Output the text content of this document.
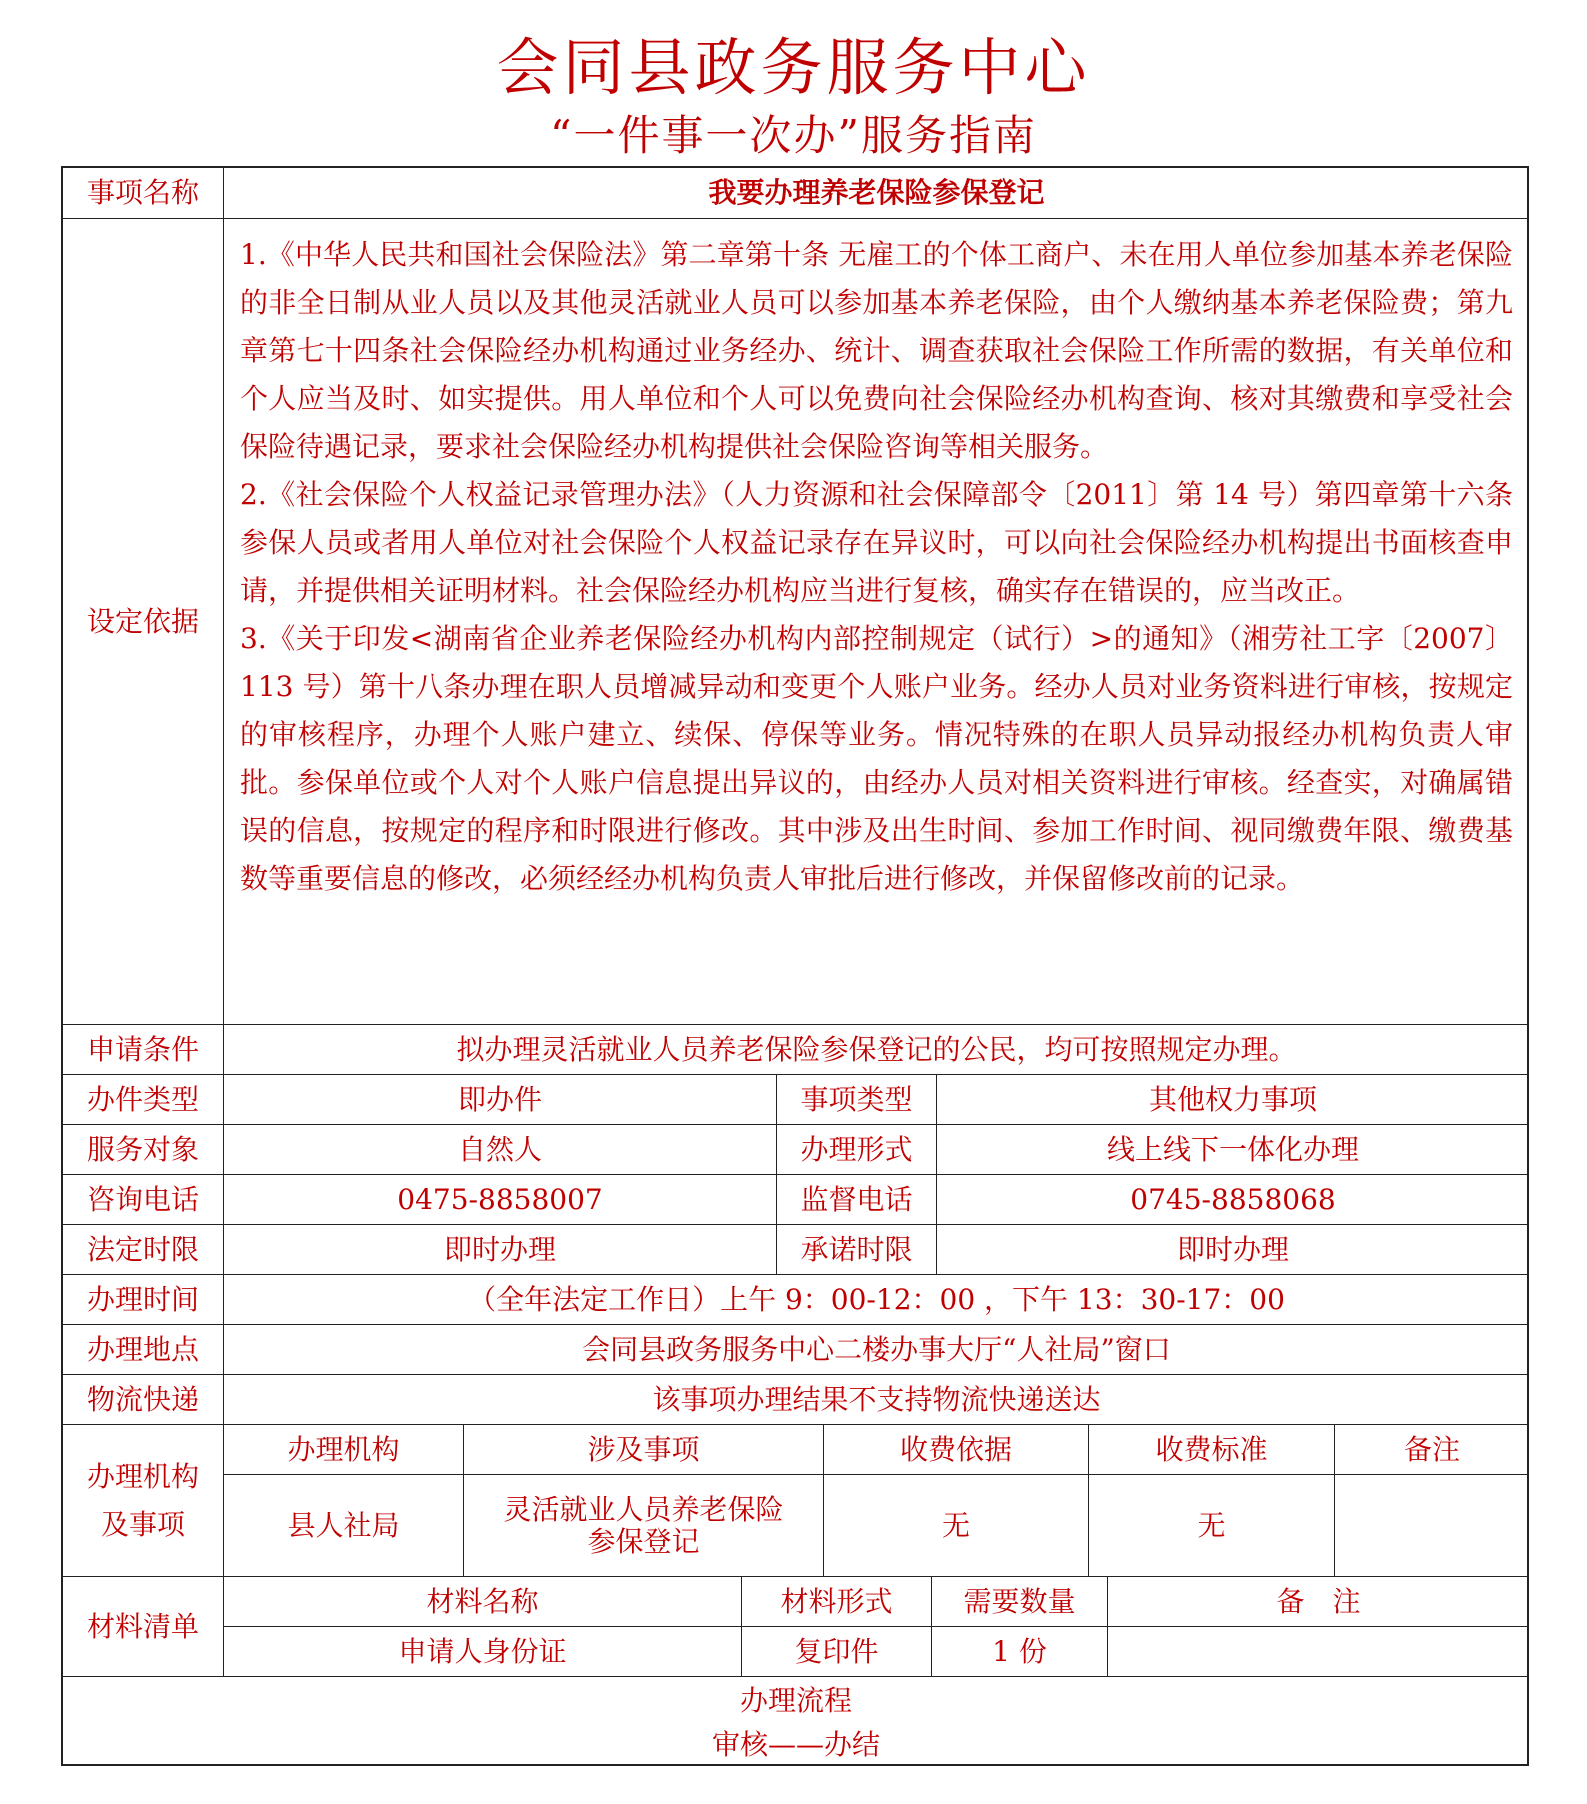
会同县政务服务中心
“一件事一次办”服务指南
事项名称	我要办理养老保险参保登记
设定依据

1.《中华人民共和国社会保险法》第二章第十条 无雇工的个体工商户、未在用人单位参加基本养老保险的非全日制从业人员以及其他灵活就业人员可以参加基本养老保险，由个人缴纳基本养老保险费；第九章第七十四条社会保险经办机构通过业务经办、统计、调查获取社会保险工作所需的数据，有关单位和个人应当及时、如实提供。用人单位和个人可以免费向社会保险经办机构查询、核对其缴费和享受社会保险待遇记录，要求社会保险经办机构提供社会保险咨询等相关服务。

2.《社会保险个人权益记录管理办法》（人力资源和社会保障部令〔2011〕第 14 号）第四章第十六条参保人员或者用人单位对社会保险个人权益记录存在异议时，可以向社会保险经办机构提出书面核查申请，并提供相关证明材料。社会保险经办机构应当进行复核，确实存在错误的，应当改正。

3.《关于印发<湖南省企业养老保险经办机构内部控制规定（试行）>的通知》（湘劳社工字〔2007〕113 号）第十八条办理在职人员增减异动和变更个人账户业务。经办人员对业务资料进行审核，按规定的审核程序，办理个人账户建立、续保、停保等业务。情况特殊的在职人员异动报经办机构负责人审批。参保单位或个人对个人账户信息提出异议的，由经办人员对相关资料进行审核。经查实，对确属错误的信息，按规定的程序和时限进行修改。其中涉及出生时间、参加工作时间、视同缴费年限、缴费基数等重要信息的修改，必须经经办机构负责人审批后进行修改，并保留修改前的记录。

申请条件	拟办理灵活就业人员养老保险参保登记的公民，均可按照规定办理。
办件类型	即办件	事项类型	其他权力事项
服务对象	自然人	办理形式	线上线下一体化办理
咨询电话	0475-8858007	监督电话	0745-8858068
法定时限	即时办理	承诺时限	即时办理
办理时间	（全年法定工作日）上午 9：00-12：00 ，下午 13：30-17：00
办理地点	会同县政务服务中心二楼办事大厅“人社局”窗口
物流快递	该事项办理结果不支持物流快递送达
办理机构及事项
办理机构	涉及事项	收费依据	收费标准	备注
县人社局	灵活就业人员养老保险参保登记	无	无
材料清单
材料名称	材料形式	需要数量	备　注
申请人身份证	复印件	1 份
办理流程
审核——办结
